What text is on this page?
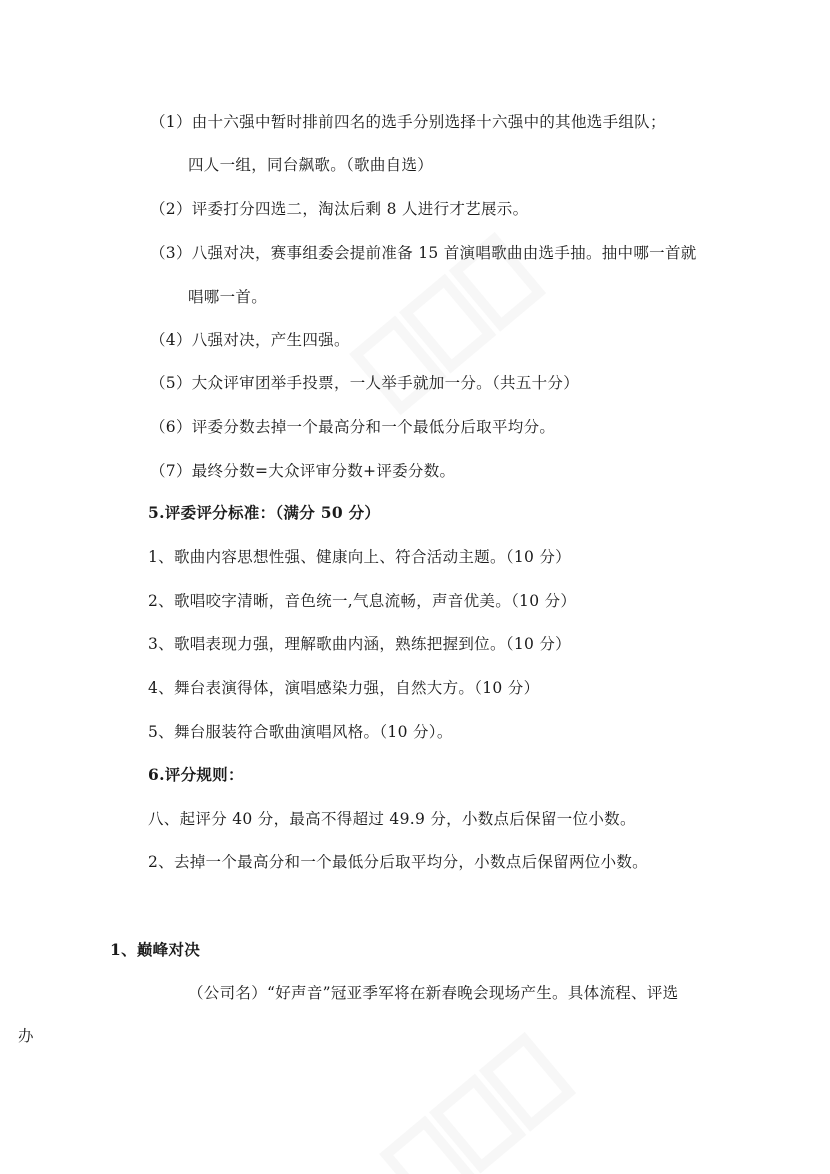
（1）由十六强中暂时排前四名的选手分别选择十六强中的其他选手组队；
四人一组，同台飙歌。（歌曲自选）
（2）评委打分四选二，淘汰后剩 8 人进行才艺展示。
（3）八强对决，赛事组委会提前准备 15 首演唱歌曲由选手抽。抽中哪一首就
唱哪一首。
（4）八强对决，产生四强。
（5）大众评审团举手投票，一人举手就加一分。（共五十分）
（6）评委分数去掉一个最高分和一个最低分后取平均分。
（7）最终分数=大众评审分数+评委分数。
5.评委评分标准：（满分 50 分）
1、歌曲内容思想性强、健康向上、符合活动主题。（10 分）
2、歌唱咬字清晰，音色统一,气息流畅，声音优美。（10 分）
3、歌唱表现力强，理解歌曲内涵，熟练把握到位。（10 分）
4、舞台表演得体，演唱感染力强，自然大方。（10 分）
5、舞台服装符合歌曲演唱风格。（10 分）。
6.评分规则：
八、起评分 40 分，最高不得超过 49.9 分，小数点后保留一位小数。
2、去掉一个最高分和一个最低分后取平均分，小数点后保留两位小数。
1、巅峰对决
（公司名）“好声音”冠亚季军将在新春晚会现场产生。具体流程、评选
办
